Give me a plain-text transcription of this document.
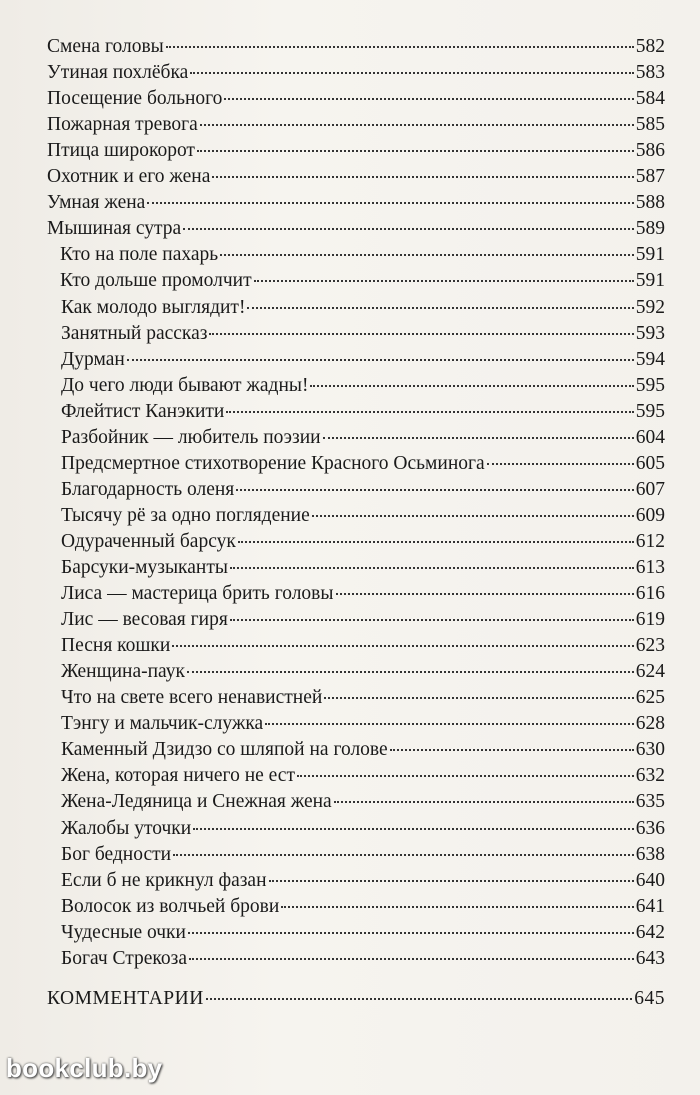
Смена головы	582
Утиная похлёбка	583
Посещение больного	584
Пожарная тревога	585
Птица широкорот	586
Охотник и его жена	587
Умная жена	588
Мышиная сутра	589
Кто на поле пахарь	591
Кто дольше промолчит	591
Как молодо выглядит!	592
Занятный рассказ	593
Дурман	594
До чего люди бывают жадны!	595
Флейтист Канэкити	595
Разбойник — любитель поэзии	604
Предсмертное стихотворение Красного Осьминога	605
Благодарность оленя	607
Тысячу рё за одно поглядение	609
Одураченный барсук	612
Барсуки-музыканты	613
Лиса — мастерица брить головы	616
Лис — весовая гиря	619
Песня кошки	623
Женщина-паук	624
Что на свете всего ненавистней	625
Тэнгу и мальчик-служка	628
Каменный Дзидзо со шляпой на голове	630
Жена, которая ничего не ест	632
Жена-Ледяница и Снежная жена	635
Жалобы уточки	636
Бог бедности	638
Если б не крикнул фазан	640
Волосок из волчьей брови	641
Чудесные очки	642
Богач Стрекоза	643
КОММЕНТАРИИ	645
bookclub.by
